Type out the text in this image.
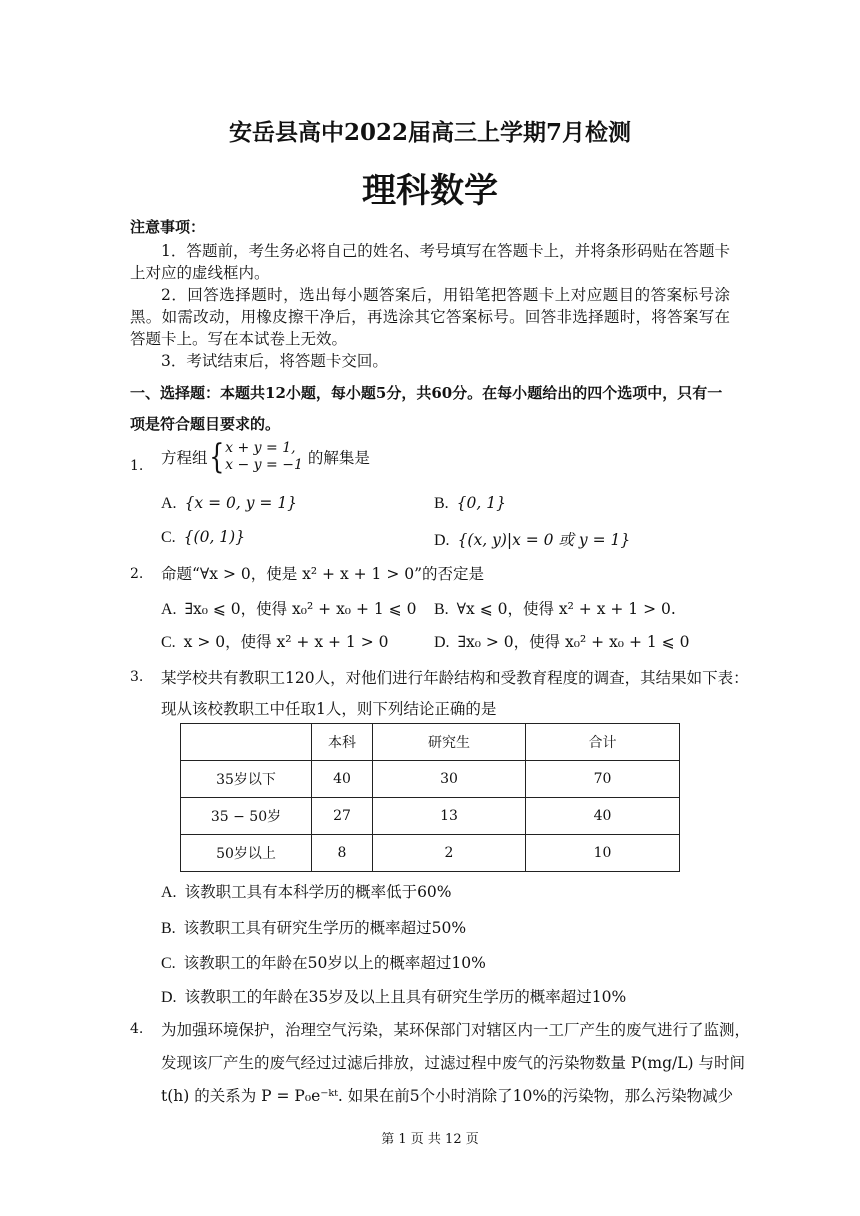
安岳县高中2022届高三上学期7月检测
理科数学
注意事项：
1．答题前，考生务必将自己的姓名、考号填写在答题卡上，并将条形码贴在答题卡上对应的虚线框内。
2．回答选择题时，选出每小题答案后，用铅笔把答题卡上对应题目的答案标号涂黑。如需改动，用橡皮擦干净后，再选涂其它答案标号。回答非选择题时，将答案写在答题卡上。写在本试卷上无效。
3．考试结束后，将答题卡交回。
一、选择题：本题共12小题，每小题5分，共60分。在每小题给出的四个选项中，只有一项是符合题目要求的。
1. 方程组{x + y = 1,
x − y = −1 的解集是
A. {x = 0, y = 1}	B. {0, 1}
C. {(0, 1)}	D. {(x, y)|x = 0 或 y = 1}
2. 命题“∀x > 0，使是 x² + x + 1 > 0”的否定是
A. ∃x₀ ⩽ 0，使得 x₀² + x₀ + 1 ⩽ 0 B. ∀x ⩽ 0，使得 x² + x + 1 > 0.
C. x > 0，使得 x² + x + 1 > 0	D. ∃x₀ > 0，使得 x₀² + x₀ + 1 ⩽ 0
3. 某学校共有教职工120人，对他们进行年龄结构和受教育程度的调查，其结果如下表：
现从该校教职工中任取1人，则下列结论正确的是
	本科	研究生	合计
35岁以下	40	30	70
35 − 50岁	27	13	40
50岁以上	8	2	10
A. 该教职工具有本科学历的概率低于60%
B. 该教职工具有研究生学历的概率超过50%
C. 该教职工的年龄在50岁以上的概率超过10%
D. 该教职工的年龄在35岁及以上且具有研究生学历的概率超过10%
4. 为加强环境保护，治理空气污染，某环保部门对辖区内一工厂产生的废气进行了监测，
发现该厂产生的废气经过过滤后排放，过滤过程中废气的污染物数量 P(mg/L) 与时间
t(h) 的关系为 P = P₀e⁻ᵏᵗ. 如果在前5个小时消除了10%的污染物，那么污染物减少
第 1 页 共 12 页
